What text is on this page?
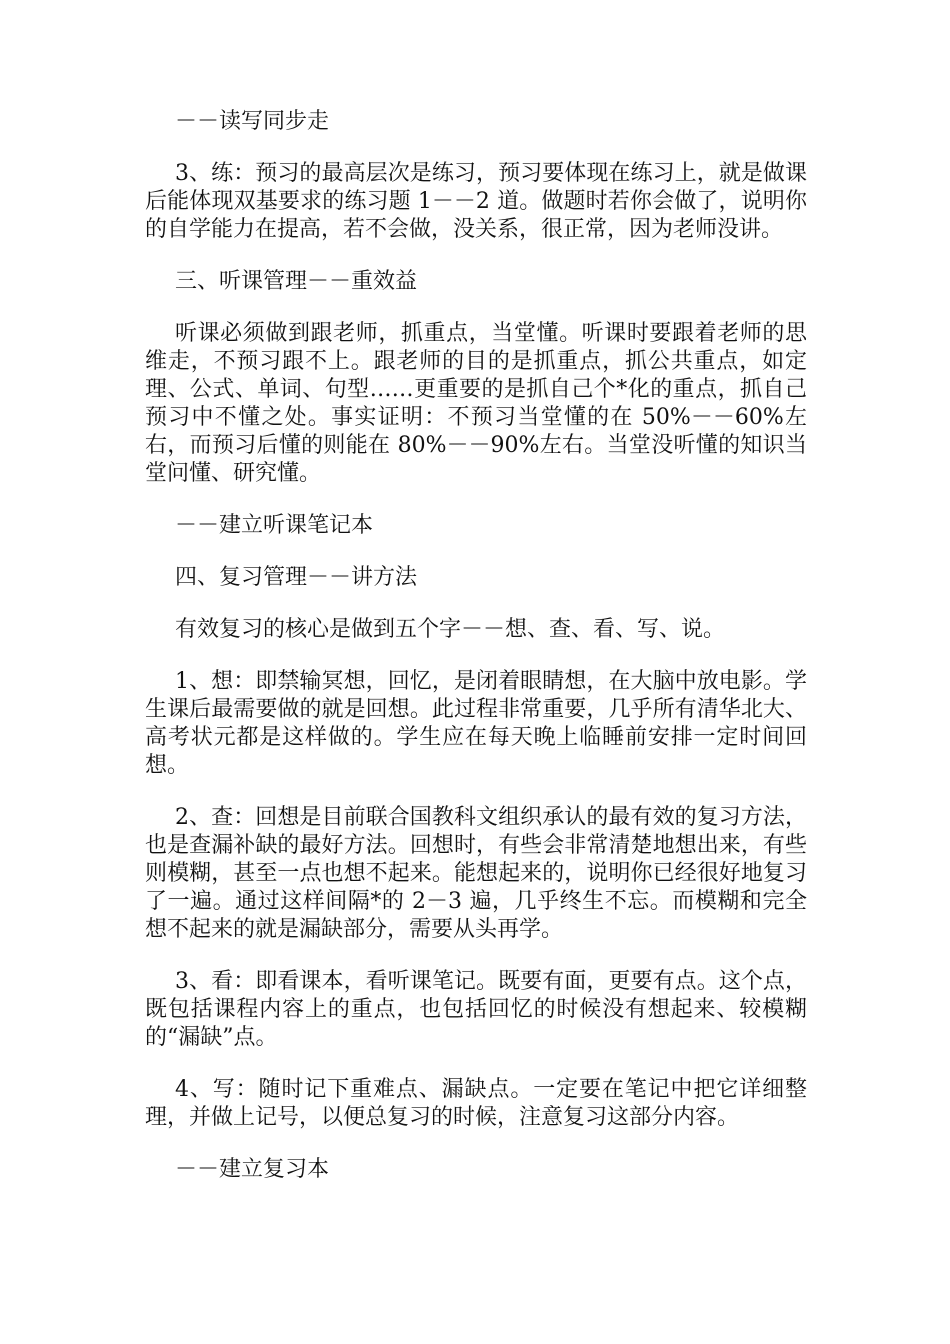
－－读写同步走

3、练：预习的最高层次是练习，预习要体现在练习上，就是做课后能体现双基要求的练习题 1－－2 道。做题时若你会做了，说明你的自学能力在提高，若不会做，没关系，很正常，因为老师没讲。

三、听课管理－－重效益

听课必须做到跟老师，抓重点，当堂懂。听课时要跟着老师的思维走，不预习跟不上。跟老师的目的是抓重点，抓公共重点，如定理、公式、单词、句型……更重要的是抓自己个*化的重点，抓自己预习中不懂之处。事实证明：不预习当堂懂的在 50%－－60%左右，而预习后懂的则能在 80%－－90%左右。当堂没听懂的知识当堂问懂、研究懂。

－－建立听课笔记本

四、复习管理－－讲方法

有效复习的核心是做到五个字－－想、查、看、写、说。

1、想：即禁输冥想，回忆，是闭着眼睛想，在大脑中放电影。学生课后最需要做的就是回想。此过程非常重要，几乎所有清华北大、高考状元都是这样做的。学生应在每天晚上临睡前安排一定时间回想。

2、查：回想是目前联合国教科文组织承认的最有效的复习方法，也是查漏补缺的最好方法。回想时，有些会非常清楚地想出来，有些则模糊，甚至一点也想不起来。能想起来的，说明你已经很好地复习了一遍。通过这样间隔*的 2－3 遍，几乎终生不忘。而模糊和完全想不起来的就是漏缺部分，需要从头再学。

3、看：即看课本，看听课笔记。既要有面，更要有点。这个点，既包括课程内容上的重点，也包括回忆的时候没有想起来、较模糊的“漏缺”点。

4、写：随时记下重难点、漏缺点。一定要在笔记中把它详细整理，并做上记号，以便总复习的时候，注意复习这部分内容。

－－建立复习本
